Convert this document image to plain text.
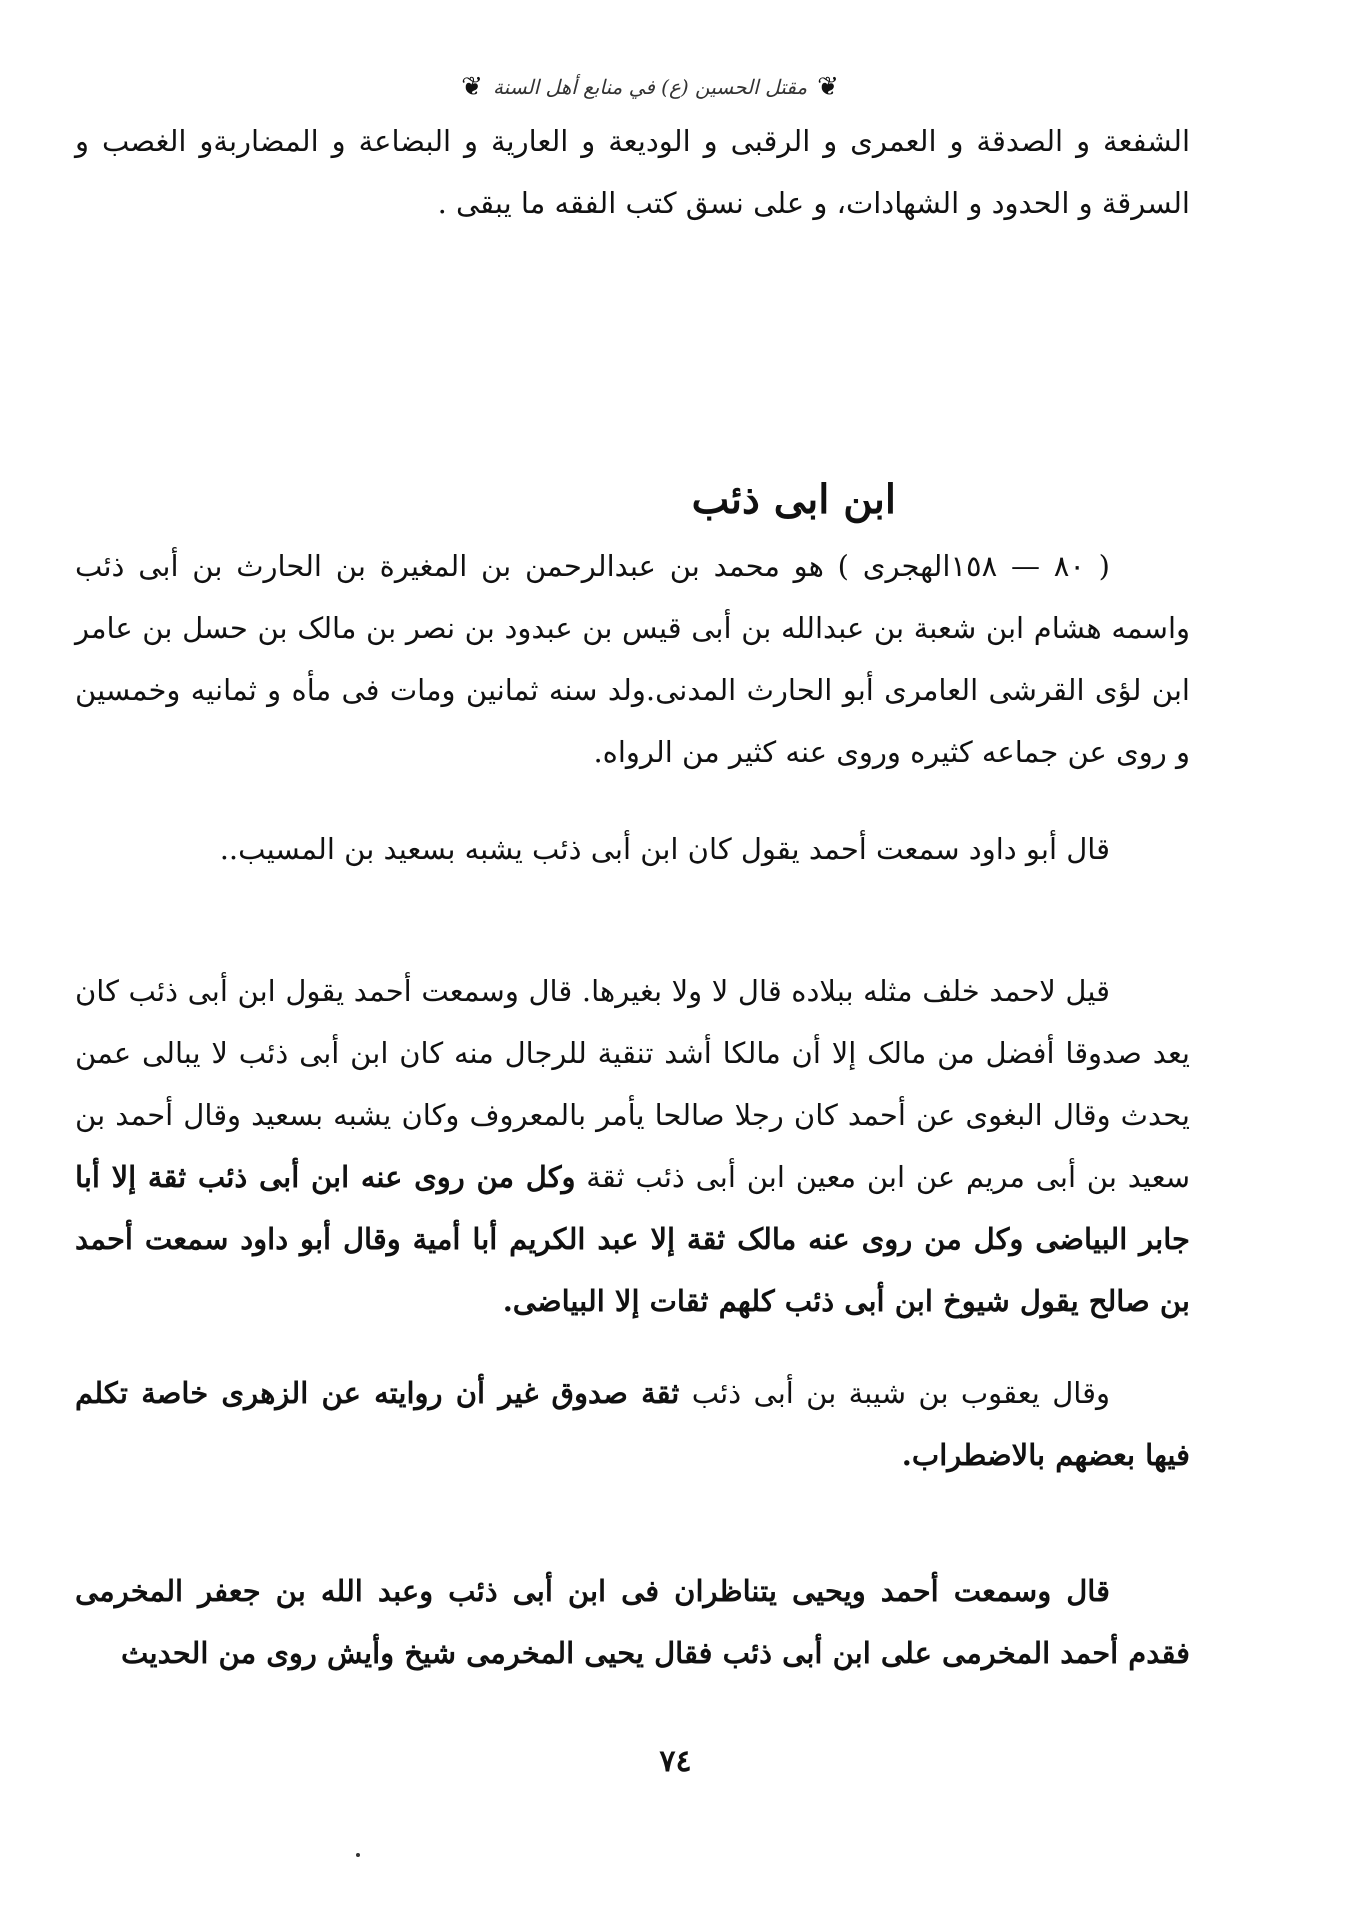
❦
مقتل الحسين (ع) في منابع أهل السنة
❦
الشفعة و الصدقة و العمرى و الرقبى و الوديعة و العارية و البضاعة و المضاربةو الغصب و السرقة و الحدود و الشهادات، و على نسق كتب الفقه ما يبقى .
ابن ابى ذئب
( ٨٠ — ١٥٨الهجرى ) هو محمد بن عبدالرحمن بن المغيرة بن الحارث بن أبى ذئب واسمه هشام ابن شعبة بن عبدالله بن أبى قيس بن عبدود بن نصر بن مالک بن حسل بن عامر ابن لؤى القرشى العامرى أبو الحارث المدنى.ولد سنه ثمانين ومات فى مأه و ثمانيه وخمسين و روى عن جماعه كثيره وروى عنه كثير من الرواه.
قال أبو داود سمعت أحمد يقول كان ابن أبى ذئب يشبه بسعيد بن المسيب..
قيل لاحمد خلف مثله ببلاده قال لا ولا بغيرها. قال وسمعت أحمد يقول ابن أبى ذئب كان يعد صدوقا أفضل من مالک إلا أن مالكا أشد تنقية للرجال منه كان ابن أبى ذئب لا يبالى عمن يحدث وقال البغوى عن أحمد كان رجلا صالحا يأمر بالمعروف وكان يشبه بسعيد وقال أحمد بن سعيد بن أبى مريم عن ابن معين ابن أبى ذئب ثقة وكل من روى عنه ابن أبى ذئب ثقة إلا أبا جابر البياضى وكل من روى عنه مالک ثقة إلا عبد الكريم أبا أمية وقال أبو داود سمعت أحمد بن صالح يقول شيوخ ابن أبى ذئب كلهم ثقات إلا البياضى.
وقال يعقوب بن شيبة بن أبى ذئب ثقة صدوق غير أن روايته عن الزهرى خاصة تكلم فيها بعضهم بالاضطراب.
قال وسمعت أحمد ويحيى يتناظران فى ابن أبى ذئب وعبد الله بن جعفر المخرمى فقدم أحمد المخرمى على ابن أبى ذئب فقال يحيى المخرمى شيخ وأيش روى من الحديث
٧٤
